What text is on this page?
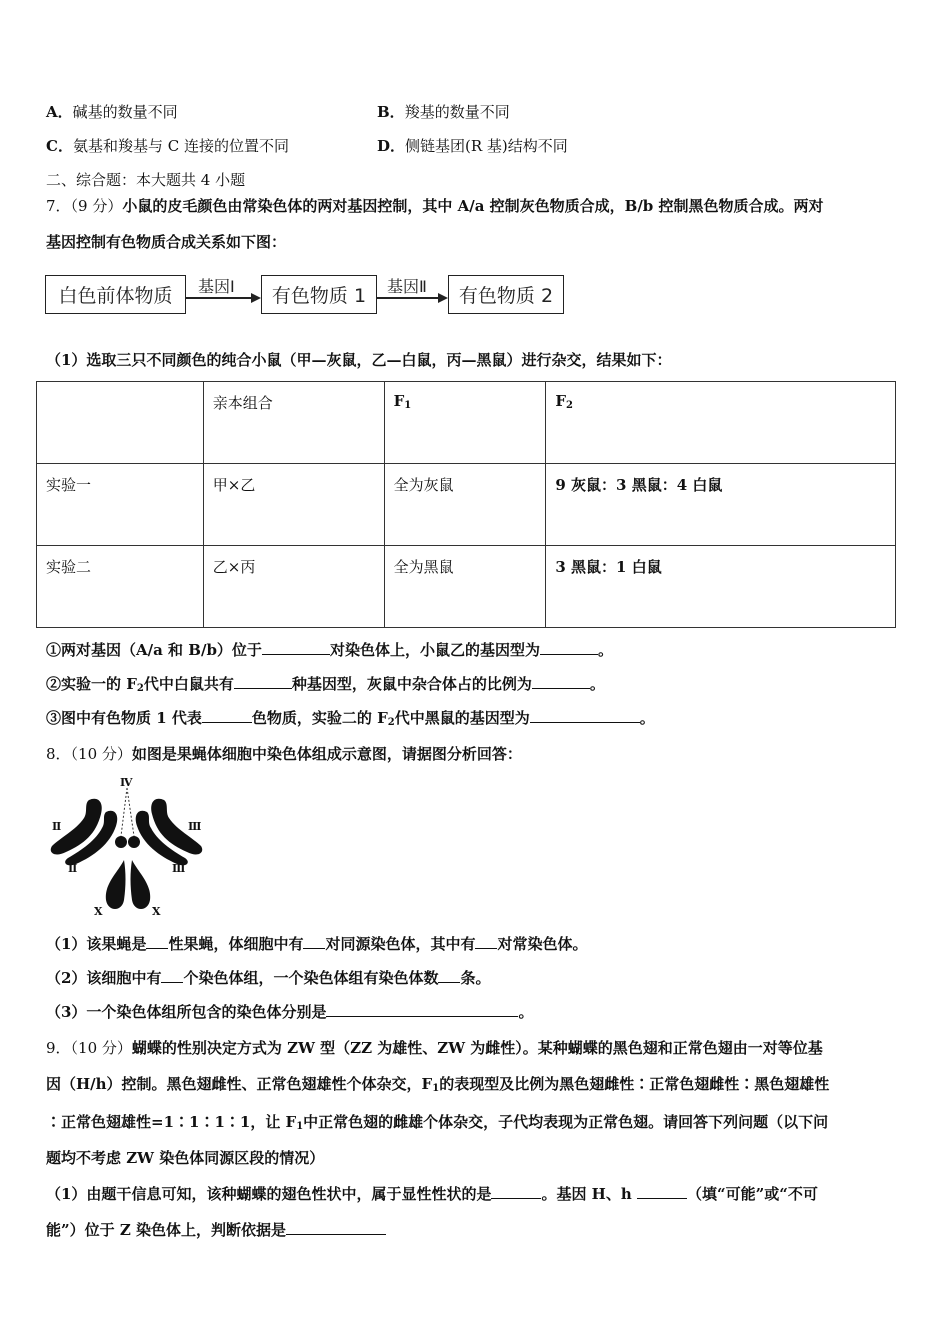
A．碱基的数量不同	B．羧基的数量不同
C．氨基和羧基与 C 连接的位置不同	D．侧链基团(R 基)结构不同
二、综合题：本大题共 4 小题
7．（9 分）小鼠的皮毛颜色由常染色体的两对基因控制，其中 A/a 控制灰色物质合成，B/b 控制黑色物质合成。两对
基因控制有色物质合成关系如下图：
白色前体物质	基因Ⅰ	有色物质 1	基因Ⅱ	有色物质 2
（1）选取三只不同颜色的纯合小鼠（甲—灰鼠，乙—白鼠，丙—黑鼠）进行杂交，结果如下：
	亲本组合	$F_1$	$F_2$
实验一	甲×乙	全为灰鼠	9 灰鼠：3 黑鼠：4 白鼠
实验二	乙×丙	全为黑鼠	3 黑鼠：1 白鼠
①两对基因（A/a 和 B/b）位于	对染色体上，小鼠乙的基因型为	。
②实验一的 $F_2$代中白鼠共有	种基因型，灰鼠中杂合体占的比例为	。
③图中有色物质 1 代表	色物质，实验二的 $F_2$代中黑鼠的基因型为	。
8．（10 分）如图是果蝇体细胞中染色体组成示意图，请据图分析回答：
Ⅳ
Ⅱ
Ⅱ
Ⅲ
Ⅲ
X	X
（1）该果蝇是 性果蝇，体细胞中有 对同源染色体，其中有 对常染色体。
（2）该细胞中有 个染色体组，一个染色体组有染色体数 条。
（3）一个染色体组所包含的染色体分别是	。
9．（10 分）蝴蝶的性别决定方式为 ZW 型（ZZ 为雄性、ZW 为雌性）。某种蝴蝶的黑色翅和正常色翅由一对等位基
因（H/h）控制。黑色翅雌性、正常色翅雄性个体杂交，$F_1$的表现型及比例为黑色翅雌性∶正常色翅雌性∶黑色翅雄性
∶正常色翅雄性=1∶1∶1∶1，让 $F_1$中正常色翅的雌雄个体杂交，子代均表现为正常色翅。请回答下列问题（以下问
题均不考虑 ZW 染色体同源区段的情况）
（1）由题干信息可知，该种蝴蝶的翅色性状中，属于显性性状的是	。基因 H、h	（填“可能”或“不可
能”）位于 Z 染色体上，判断依据是
